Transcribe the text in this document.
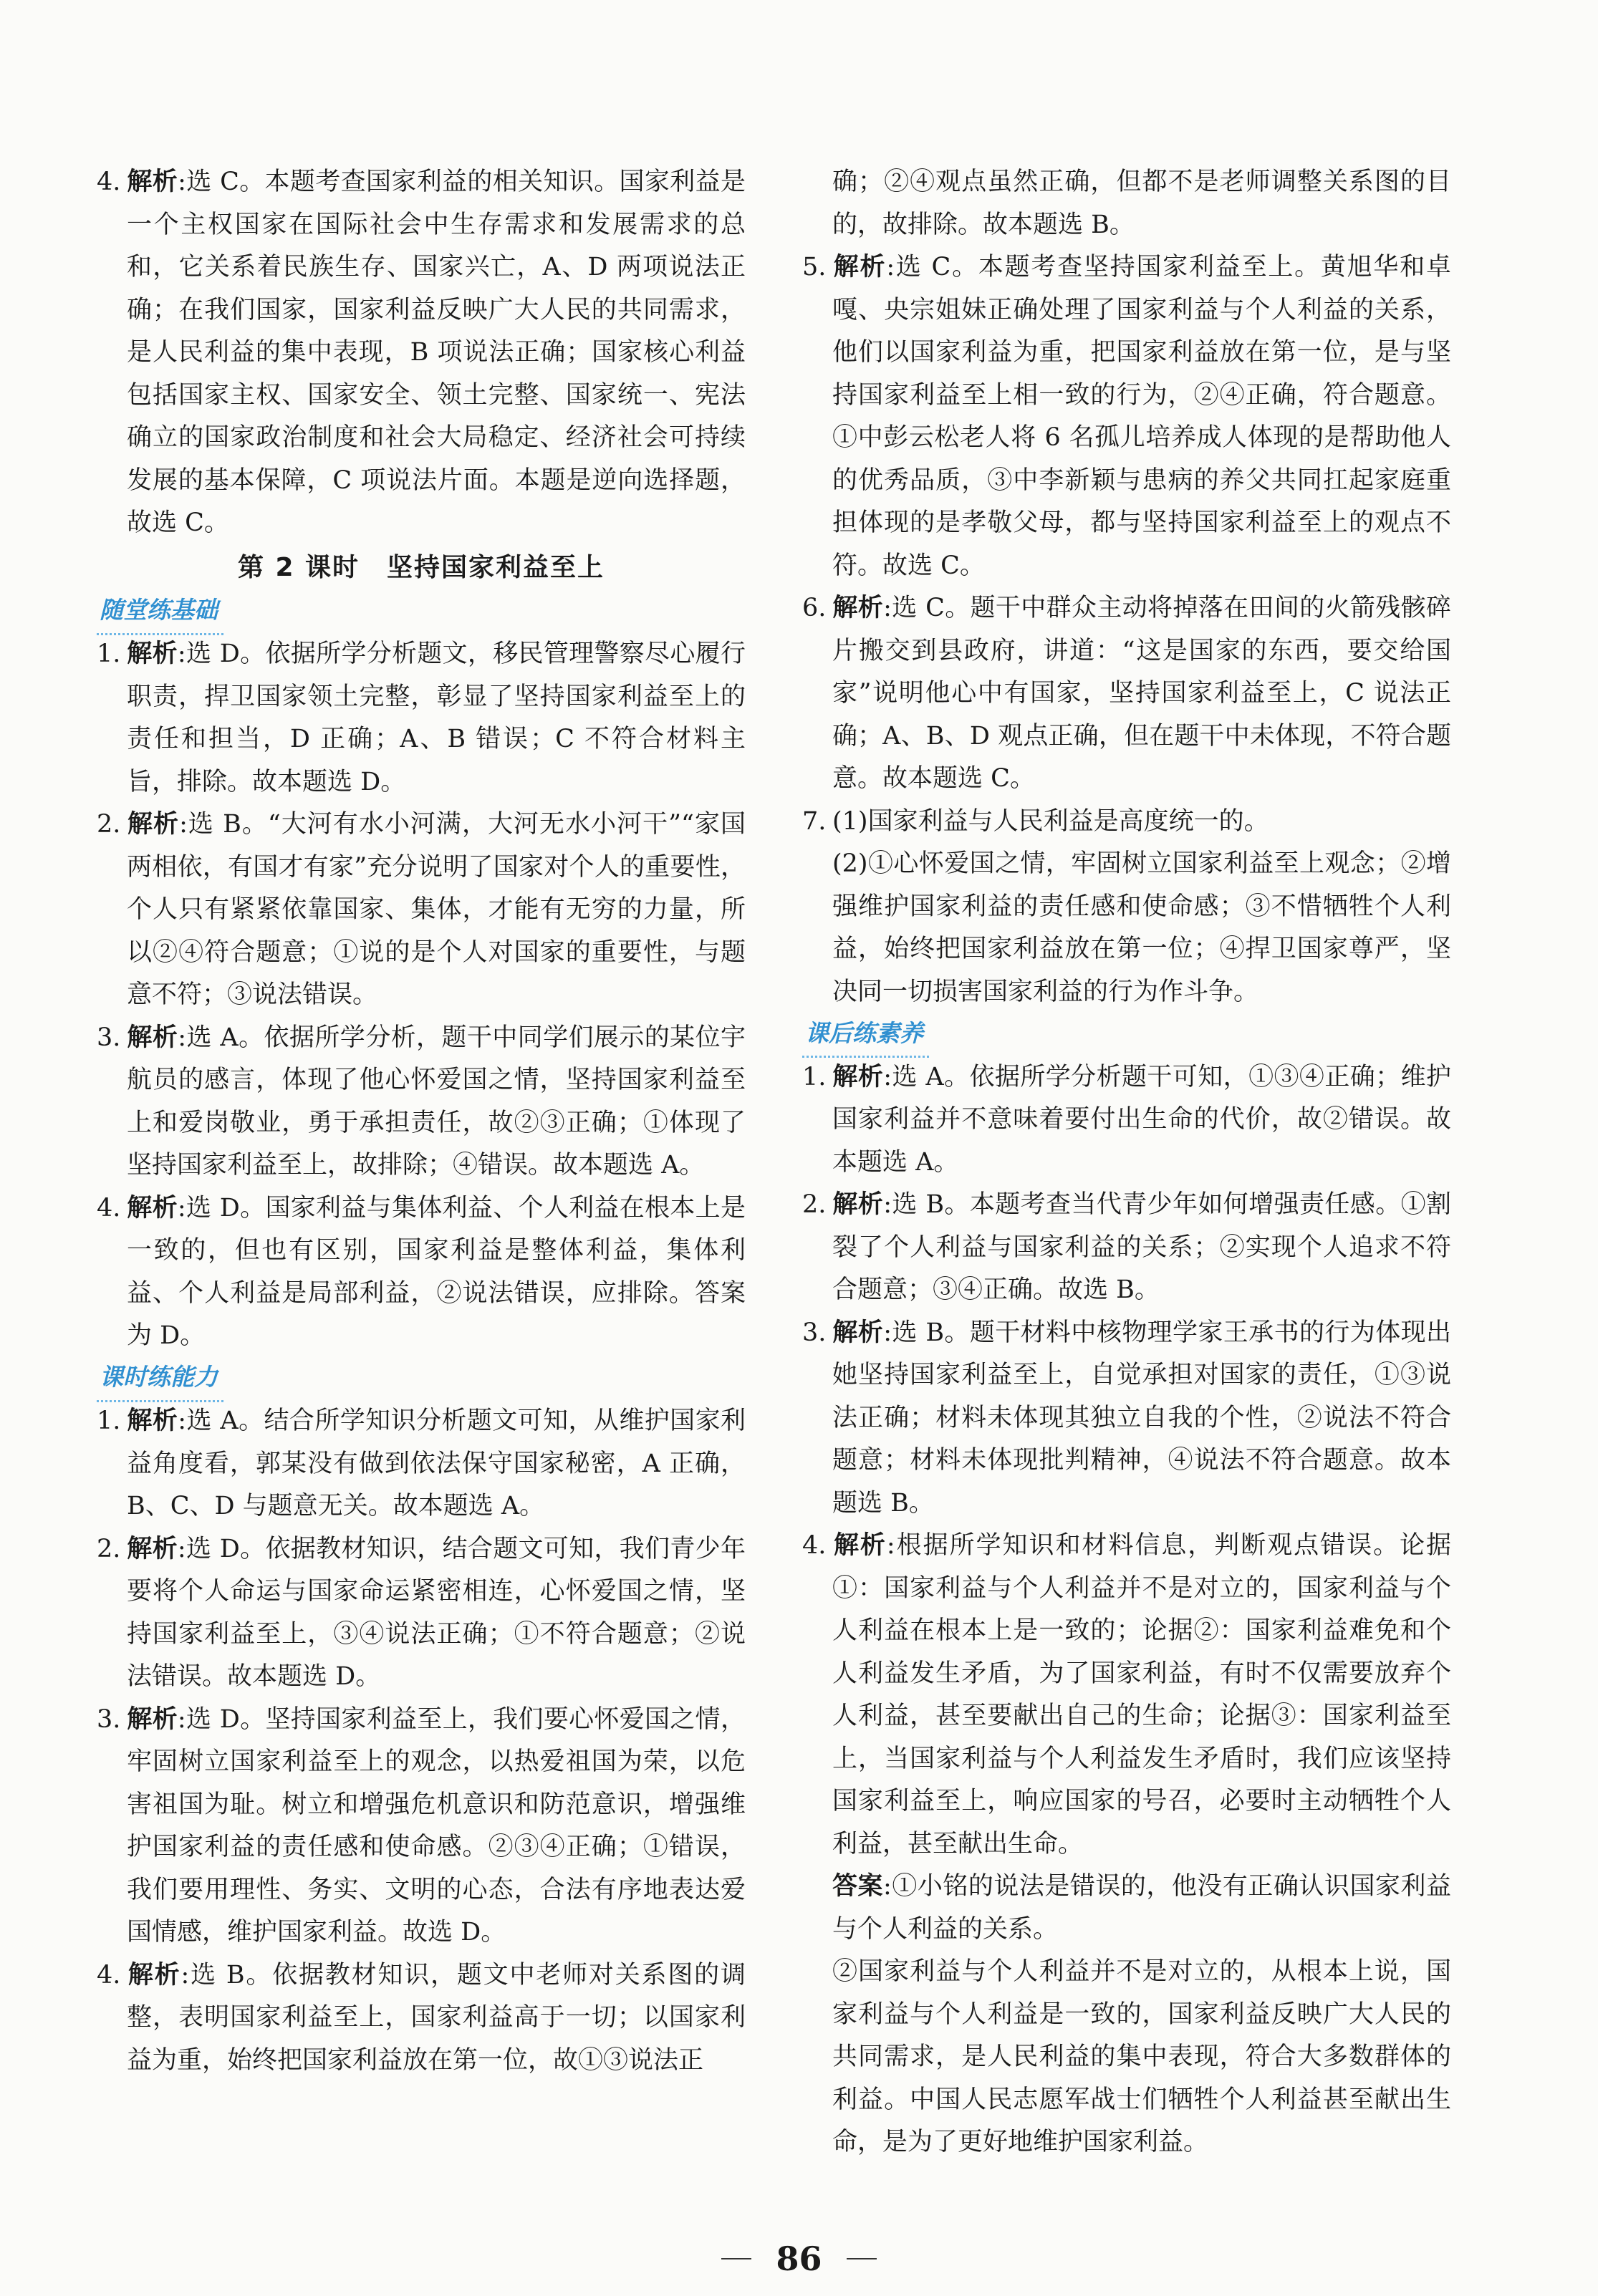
4. 解析:选 C。本题考查国家利益的相关知识。国家利益是一个主权国家在国际社会中生存需求和发展需求的总和，它关系着民族生存、国家兴亡，A、D 两项说法正确；在我们国家，国家利益反映广大人民的共同需求，是人民利益的集中表现，B 项说法正确；国家核心利益包括国家主权、国家安全、领土完整、国家统一、宪法确立的国家政治制度和社会大局稳定、经济社会可持续发展的基本保障，C 项说法片面。本题是逆向选择题，故选 C。

第 2 课时　坚持国家利益至上

随堂练基础

1. 解析:选 D。依据所学分析题文，移民管理警察尽心履行职责，捍卫国家领土完整，彰显了坚持国家利益至上的责任和担当，D 正确；A、B 错误；C 不符合材料主旨，排除。故本题选 D。

2. 解析:选 B。“大河有水小河满，大河无水小河干”“家国两相依，有国才有家”充分说明了国家对个人的重要性，个人只有紧紧依靠国家、集体，才能有无穷的力量，所以②④符合题意；①说的是个人对国家的重要性，与题意不符；③说法错误。

3. 解析:选 A。依据所学分析，题干中同学们展示的某位宇航员的感言，体现了他心怀爱国之情，坚持国家利益至上和爱岗敬业，勇于承担责任，故②③正确；①体现了坚持国家利益至上，故排除；④错误。故本题选 A。

4. 解析:选 D。国家利益与集体利益、个人利益在根本上是一致的，但也有区别，国家利益是整体利益，集体利益、个人利益是局部利益，②说法错误，应排除。答案为 D。

课时练能力

1. 解析:选 A。结合所学知识分析题文可知，从维护国家利益角度看，郭某没有做到依法保守国家秘密，A 正确，B、C、D 与题意无关。故本题选 A。

2. 解析:选 D。依据教材知识，结合题文可知，我们青少年要将个人命运与国家命运紧密相连，心怀爱国之情，坚持国家利益至上，③④说法正确；①不符合题意；②说法错误。故本题选 D。

3. 解析:选 D。坚持国家利益至上，我们要心怀爱国之情，牢固树立国家利益至上的观念，以热爱祖国为荣，以危害祖国为耻。树立和增强危机意识和防范意识，增强维护国家利益的责任感和使命感。②③④正确；①错误，我们要用理性、务实、文明的心态，合法有序地表达爱国情感，维护国家利益。故选 D。

4. 解析:选 B。依据教材知识，题文中老师对关系图的调整，表明国家利益至上，国家利益高于一切；以国家利益为重，始终把国家利益放在第一位，故①③说法正

确；②④观点虽然正确，但都不是老师调整关系图的目的，故排除。故本题选 B。

5. 解析:选 C。本题考查坚持国家利益至上。黄旭华和卓嘎、央宗姐妹正确处理了国家利益与个人利益的关系，他们以国家利益为重，把国家利益放在第一位，是与坚持国家利益至上相一致的行为，②④正确，符合题意。①中彭云松老人将 6 名孤儿培养成人体现的是帮助他人的优秀品质，③中李新颖与患病的养父共同扛起家庭重担体现的是孝敬父母，都与坚持国家利益至上的观点不符。故选 C。

6. 解析:选 C。题干中群众主动将掉落在田间的火箭残骸碎片搬交到县政府，讲道：“这是国家的东西，要交给国家”说明他心中有国家，坚持国家利益至上，C 说法正确；A、B、D 观点正确，但在题干中未体现，不符合题意。故本题选 C。

7. (1)国家利益与人民利益是高度统一的。

(2)①心怀爱国之情，牢固树立国家利益至上观念；②增强维护国家利益的责任感和使命感；③不惜牺牲个人利益，始终把国家利益放在第一位；④捍卫国家尊严，坚决同一切损害国家利益的行为作斗争。

课后练素养

1. 解析:选 A。依据所学分析题干可知，①③④正确；维护国家利益并不意味着要付出生命的代价，故②错误。故本题选 A。

2. 解析:选 B。本题考查当代青少年如何增强责任感。①割裂了个人利益与国家利益的关系；②实现个人追求不符合题意；③④正确。故选 B。

3. 解析:选 B。题干材料中核物理学家王承书的行为体现出她坚持国家利益至上，自觉承担对国家的责任，①③说法正确；材料未体现其独立自我的个性，②说法不符合题意；材料未体现批判精神，④说法不符合题意。故本题选 B。

4. 解析:根据所学知识和材料信息，判断观点错误。论据①：国家利益与个人利益并不是对立的，国家利益与个人利益在根本上是一致的；论据②：国家利益难免和个人利益发生矛盾，为了国家利益，有时不仅需要放弃个人利益，甚至要献出自己的生命；论据③：国家利益至上，当国家利益与个人利益发生矛盾时，我们应该坚持国家利益至上，响应国家的号召，必要时主动牺牲个人利益，甚至献出生命。

答案:①小铭的说法是错误的，他没有正确认识国家利益与个人利益的关系。

②国家利益与个人利益并不是对立的，从根本上说，国家利益与个人利益是一致的，国家利益反映广大人民的共同需求，是人民利益的集中表现，符合大多数群体的利益。中国人民志愿军战士们牺牲个人利益甚至献出生命，是为了更好地维护国家利益。

86
